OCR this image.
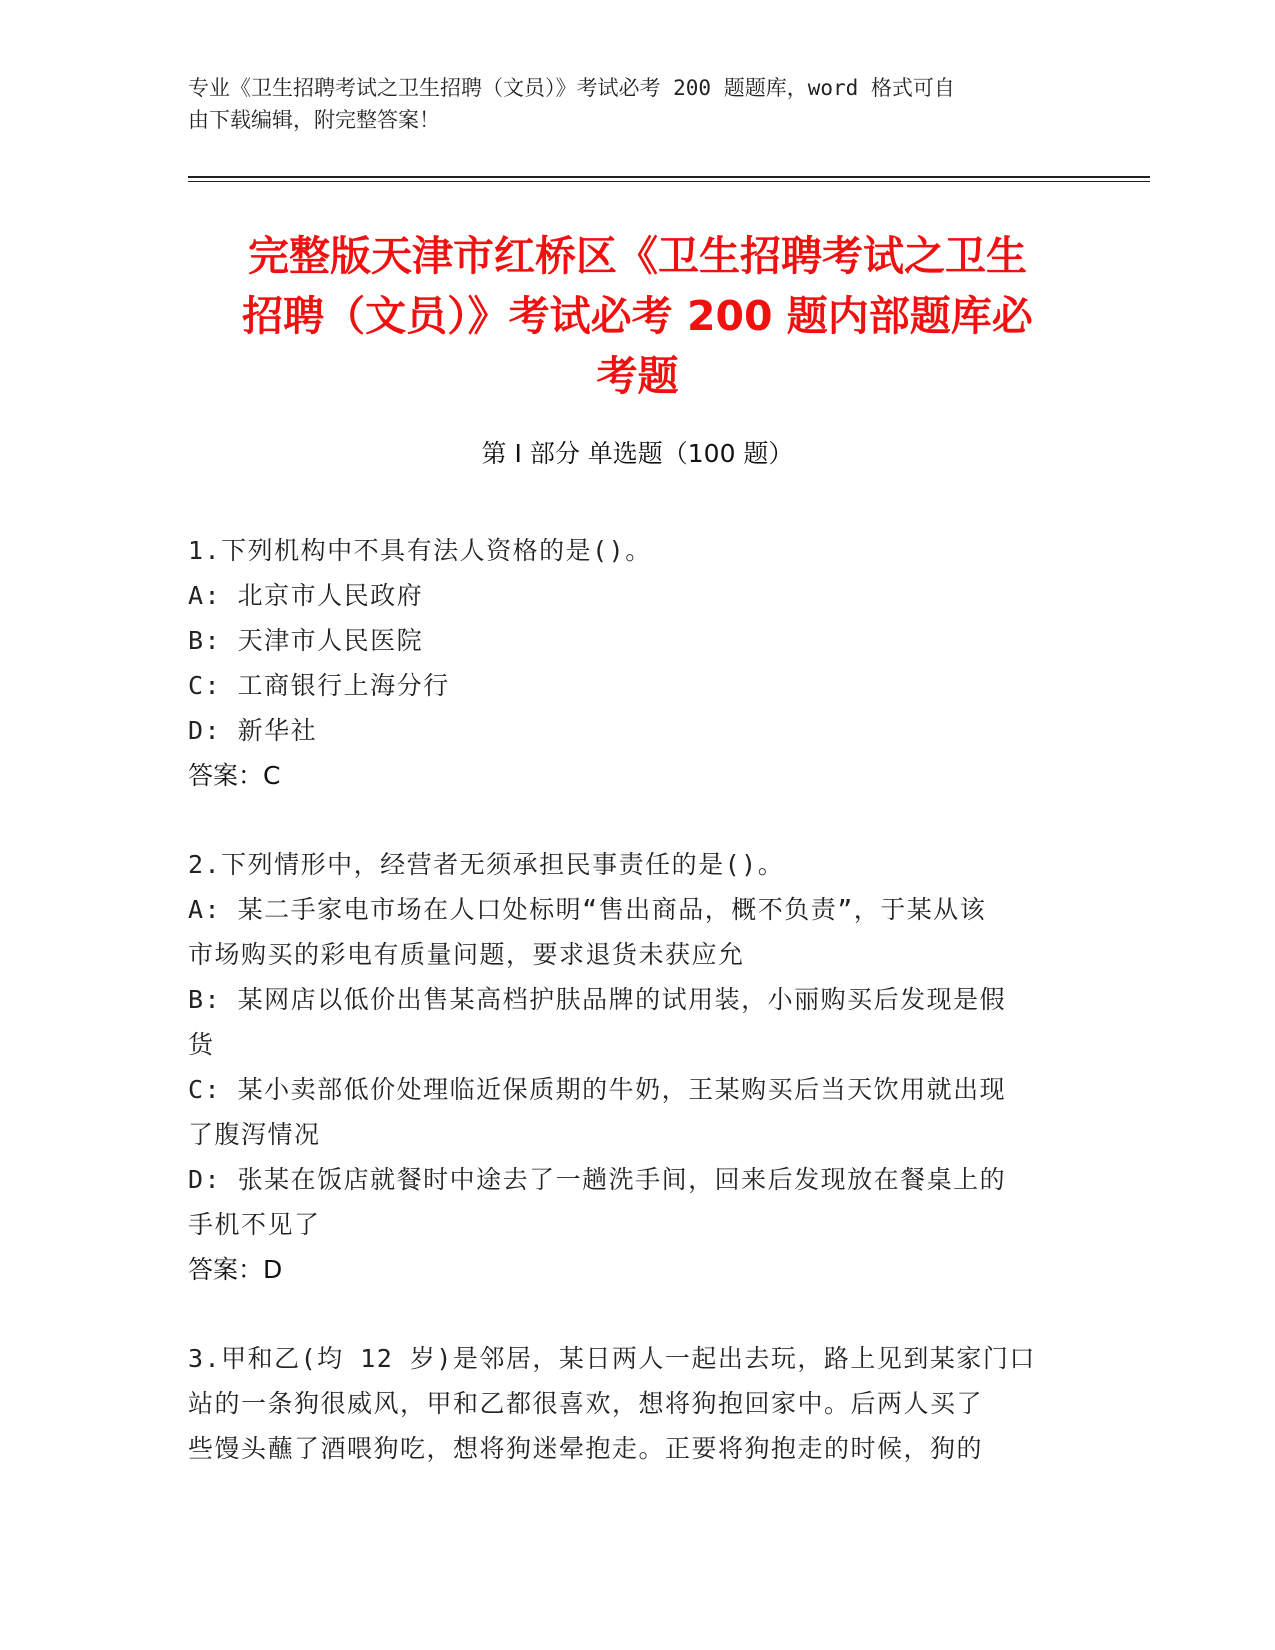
专业《卫生招聘考试之卫生招聘（文员）》考试必考 200 题题库，word 格式可自
由下载编辑，附完整答案！
完整版天津市红桥区《卫生招聘考试之卫生
招聘（文员）》考试必考 200 题内部题库必
考题
第 I 部分 单选题（100 题）
1.下列机构中不具有法人资格的是()。
A: 北京市人民政府
B: 天津市人民医院
C: 工商银行上海分行
D: 新华社
答案：C
2.下列情形中，经营者无须承担民事责任的是()。
A: 某二手家电市场在人口处标明“售出商品，概不负责”，于某从该
市场购买的彩电有质量问题，要求退货未获应允
B: 某网店以低价出售某高档护肤品牌的试用装，小丽购买后发现是假
货
C: 某小卖部低价处理临近保质期的牛奶，王某购买后当天饮用就出现
了腹泻情况
D: 张某在饭店就餐时中途去了一趟洗手间，回来后发现放在餐桌上的
手机不见了
答案：D
3.甲和乙(均 12 岁)是邻居，某日两人一起出去玩，路上见到某家门口
站的一条狗很威风，甲和乙都很喜欢，想将狗抱回家中。后两人买了
些馒头蘸了酒喂狗吃，想将狗迷晕抱走。正要将狗抱走的时候，狗的
